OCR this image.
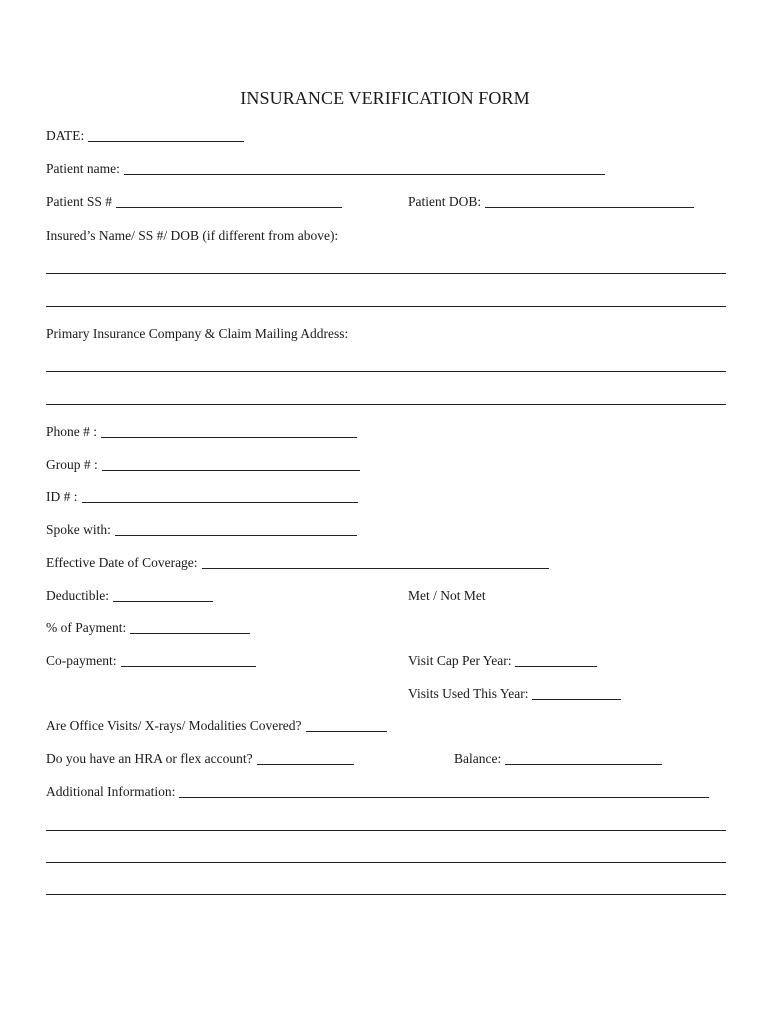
INSURANCE VERIFICATION FORM
DATE:
Patient name:
Patient SS #	Patient DOB:
Insured’s Name/ SS #/ DOB (if different from above):
Primary Insurance Company & Claim Mailing Address:
Phone # :
Group # :
ID # :
Spoke with:
Effective Date of Coverage:
Deductible:	Met / Not Met
% of Payment:
Co-payment:	Visit Cap Per Year:
Visits Used This Year:
Are Office Visits/ X-rays/ Modalities Covered?
Do you have an HRA or flex account?	Balance:
Additional Information:
